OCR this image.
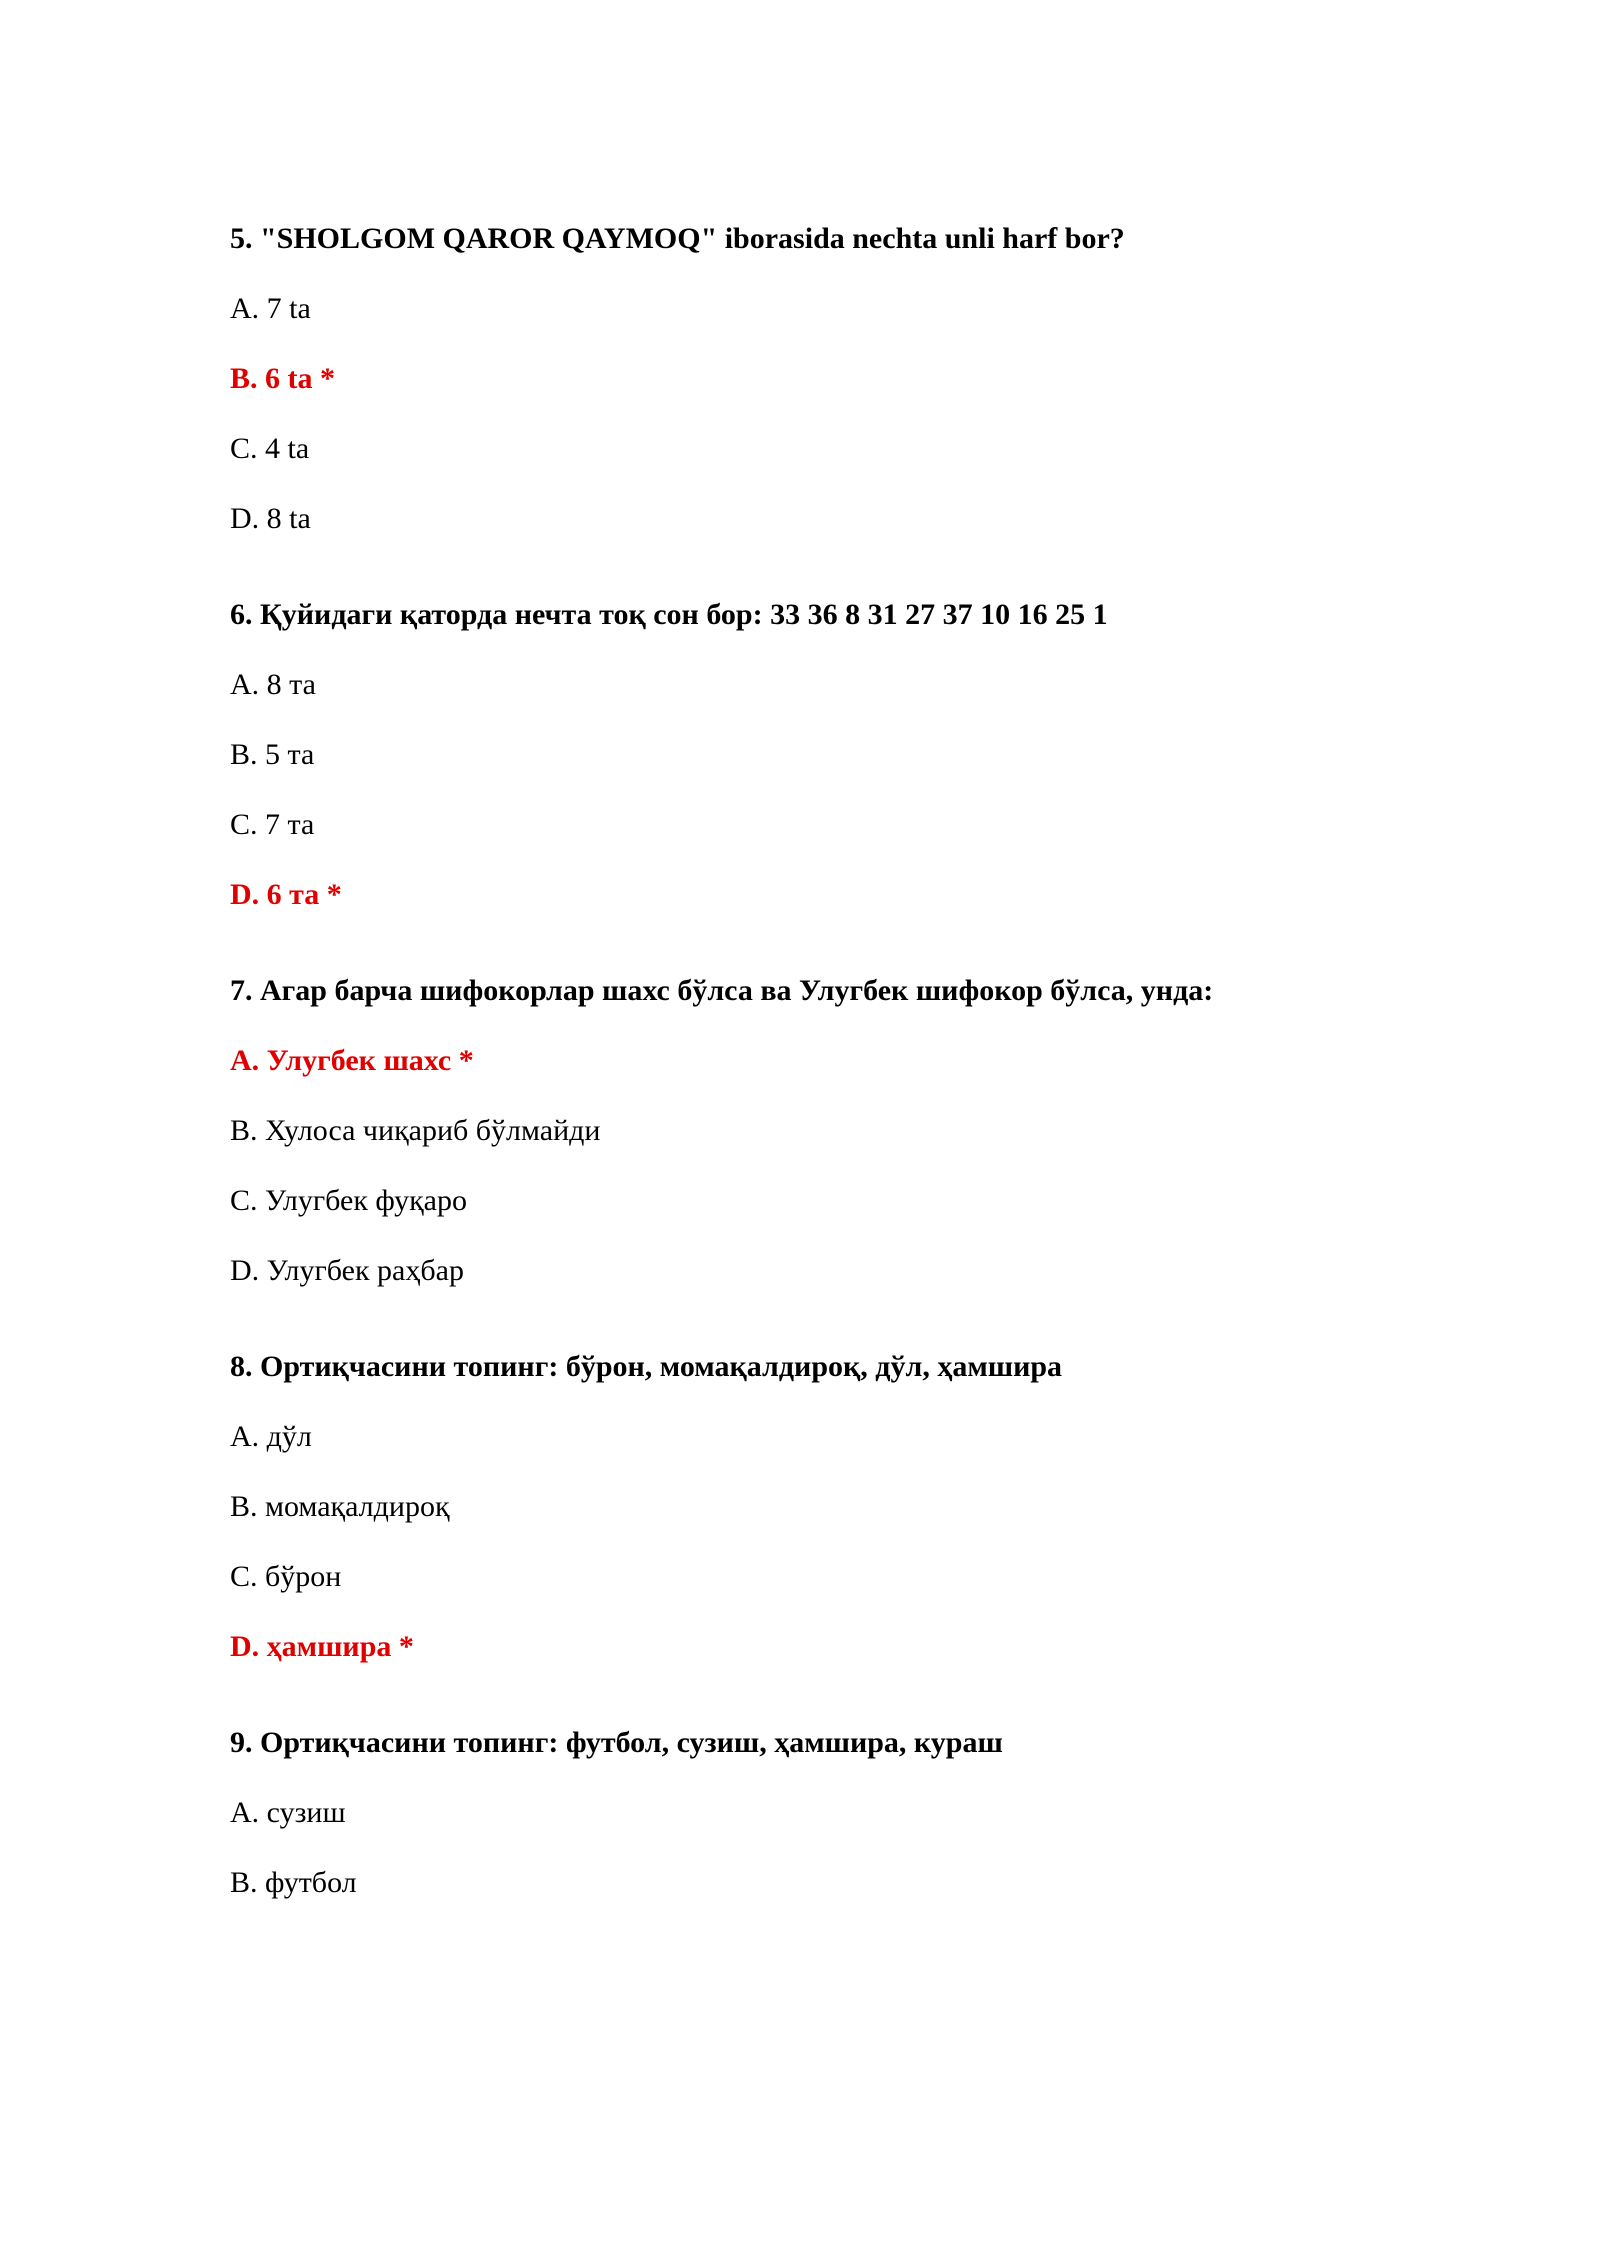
5. "SHOLGOM QAROR QAYMOQ" iborasida nechta unli harf bor?
A. 7 ta
B. 6 ta *
C. 4 ta
D. 8 ta
6. Қуйидаги қаторда нечта тоқ сон бор: 33 36 8 31 27 37 10 16 25 1
A. 8 та
B. 5 та
C. 7 та
D. 6 та *
7. Агар барча шифокорлар шахс бўлса ва Улугбек шифокор бўлса, унда:
A. Улугбек шахс *
B. Хулоса чиқариб бўлмайди
C. Улугбек фуқаро
D. Улугбек раҳбар
8. Ортиқчасини топинг: бўрон, момақалдироқ, дўл, ҳамшира
A. дўл
B. момақалдироқ
C. бўрон
D. ҳамшира *
9. Ортиқчасини топинг: футбол, сузиш, ҳамшира, кураш
A. сузиш
B. футбол
